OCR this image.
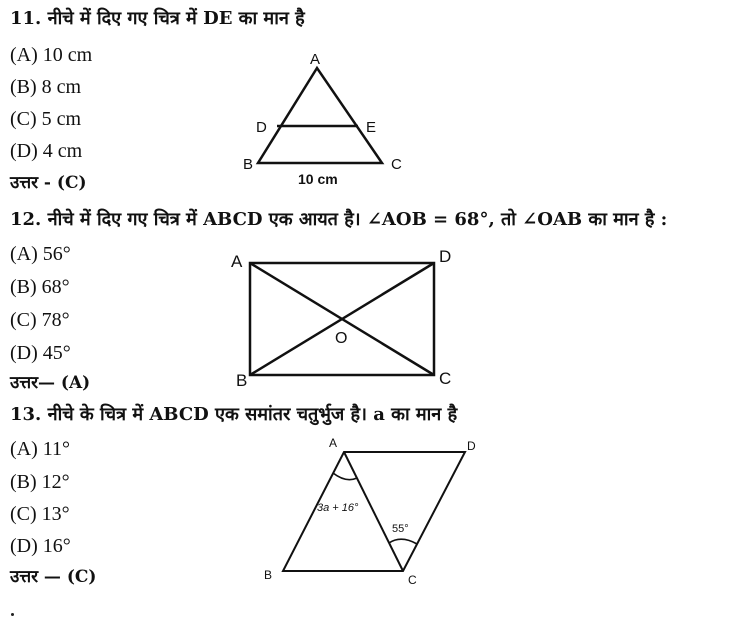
11. नीचे में दिए गए चित्र में DE का मान है
(A) 10 cm
(B) 8 cm
(C) 5 cm
(D) 4 cm
उत्तर - (C)
A
D	E
B	C
10 cm
12. नीचे में दिए गए चित्र में ABCD एक आयत है। ∠AOB = 68°, तो ∠OAB का मान है :
(A) 56°
(B) 68°
(C) 78°
(D) 45°
उत्तर— (A)
A	D
O
B	C
13. नीचे के चित्र में ABCD एक समांतर चतुर्भुज है। a का मान है
(A) 11°
(B) 12°
(C) 13°
(D) 16°
उत्तर — (C)
A	D
B	C
3a + 16°
55°
